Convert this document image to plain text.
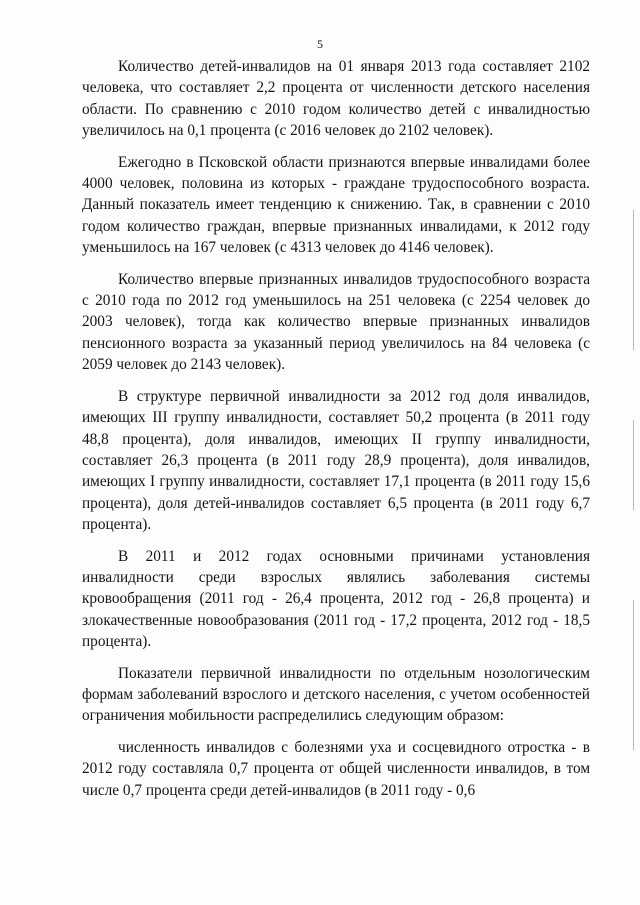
5

Количество детей-инвалидов на 01 января 2013 года составляет 2102 человека, что составляет 2,2 процента от численности детского населения области. По сравнению с 2010 годом количество детей с инвалидностью увеличилось на 0,1 процента (с 2016 человек до 2102 человек).

Ежегодно в Псковской области признаются впервые инвалидами более 4000 человек, половина из которых - граждане трудоспособного возраста. Данный показатель имеет тенденцию к снижению. Так, в сравнении с 2010 годом количество граждан, впервые признанных инвалидами, к 2012 году уменьшилось на 167 человек (с 4313 человек до 4146 человек).

Количество впервые признанных инвалидов трудоспособного возраста с 2010 года по 2012 год уменьшилось на 251 человека (с 2254 человек до 2003 человек), тогда как количество впервые признанных инвалидов пенсионного возраста за указанный период увеличилось на 84 человека (с 2059 человек до 2143 человек).

В структуре первичной инвалидности за 2012 год доля инвалидов, имеющих III группу инвалидности, составляет 50,2 процента (в 2011 году 48,8 процента), доля инвалидов, имеющих II группу инвалидности, составляет 26,3 процента (в 2011 году 28,9 процента), доля инвалидов, имеющих I группу инвалидности, составляет 17,1 процента (в 2011 году 15,6 процента), доля детей-инвалидов составляет 6,5 процента (в 2011 году 6,7 процента).

В 2011 и 2012 годах основными причинами установления инвалидности среди взрослых являлись заболевания системы кровообращения (2011 год - 26,4 процента, 2012 год - 26,8 процента) и злокачественные новообразования (2011 год - 17,2 процента, 2012 год - 18,5 процента).

Показатели первичной инвалидности по отдельным нозологическим формам заболеваний взрослого и детского населения, с учетом особенностей ограничения мобильности распределились следующим образом:

численность инвалидов с болезнями уха и сосцевидного отростка - в 2012 году составляла 0,7 процента от общей численности инвалидов, в том числе 0,7 процента среди детей-инвалидов (в 2011 году - 0,6
